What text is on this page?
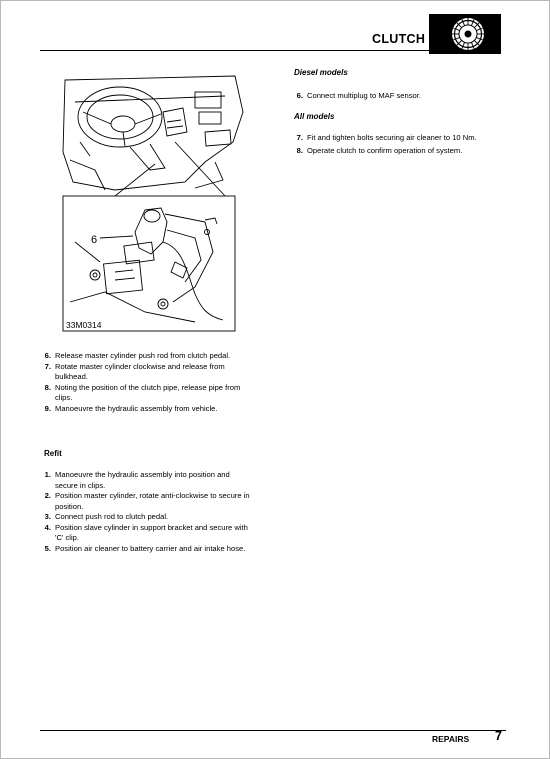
CLUTCH
6
33M0314
6. Release master cylinder push rod from clutch pedal.
7. Rotate master cylinder clockwise and release from bulkhead.
8. Noting the position of the clutch pipe, release pipe from clips.
9. Manoeuvre the hydraulic assembly from vehicle.
Refit
1. Manoeuvre the hydraulic assembly into position and secure in clips.
2. Position master cylinder, rotate anti-clockwise to secure in position.
3. Connect push rod to clutch pedal.
4. Position slave cylinder in support bracket and secure with 'C' clip.
5. Position air cleaner to battery carrier and air intake hose.
Diesel models
6. Connect multiplug to MAF sensor.
All models
7. Fit and tighten bolts securing air cleaner to 10 Nm.
8. Operate clutch to confirm operation of system.
REPAIRS 7
